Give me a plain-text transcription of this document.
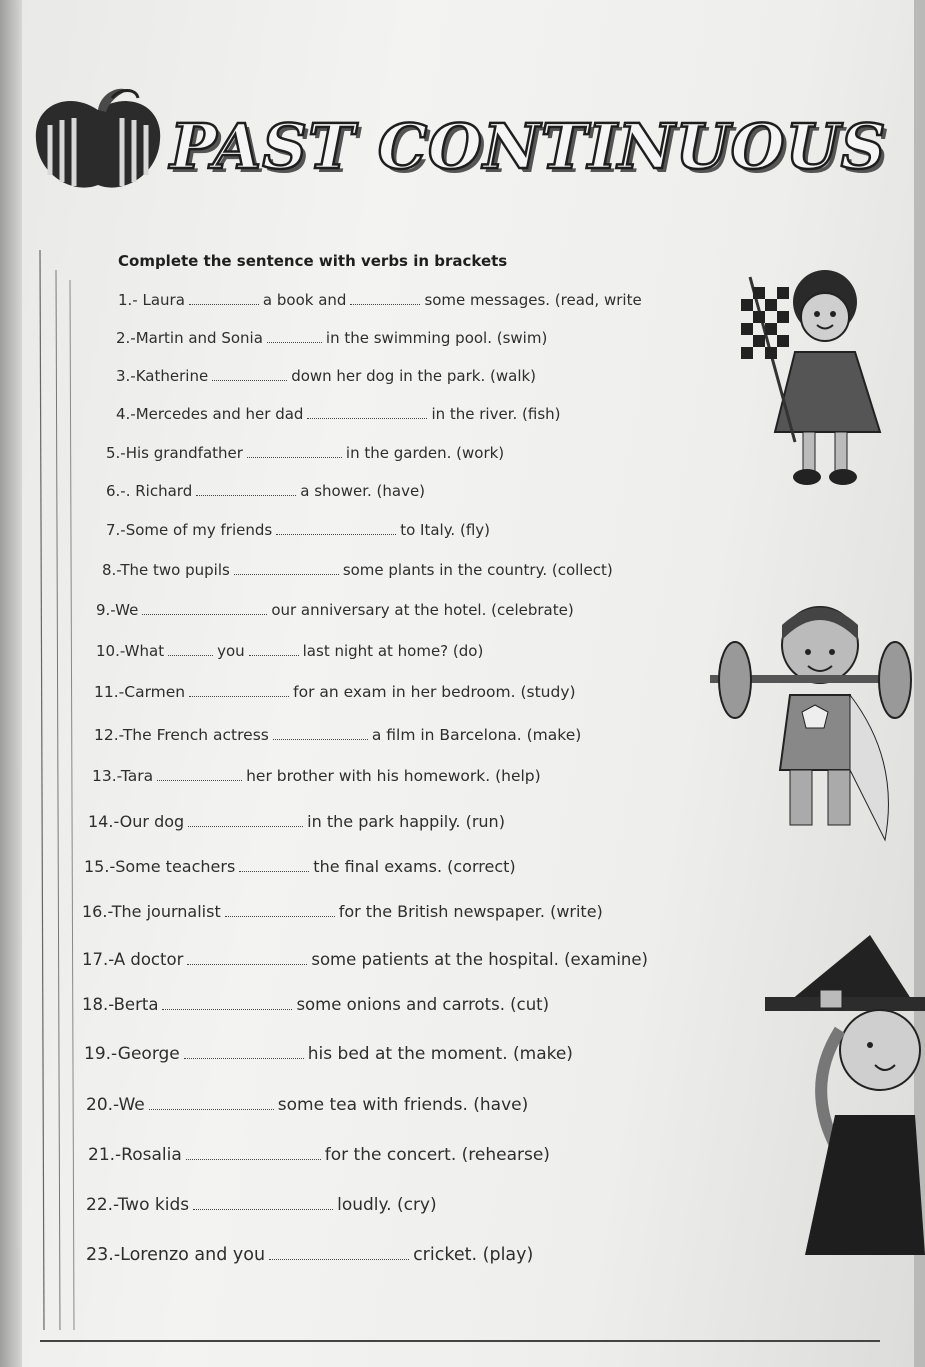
PAST CONTINUOUS
Complete the sentence with verbs in brackets
1.- Laura	a book and	some messages. (read, write
2.-Martin and Sonia	in the swimming pool. (swim)
3.-Katherine	down her dog in the park. (walk)
4.-Mercedes and her dad	in the river. (fish)
5.-His grandfather	in the garden. (work)
6.-. Richard	a shower. (have)
7.-Some of my friends	to Italy. (fly)
8.-The two pupils	some plants in the country. (collect)
9.-We	our anniversary at the hotel. (celebrate)
10.-What	you	last night at home? (do)
11.-Carmen	for an exam in her bedroom. (study)
12.-The French actress	a film in Barcelona. (make)
13.-Tara	her brother with his homework. (help)
14.-Our dog	in the park happily. (run)
15.-Some teachers	the final exams. (correct)
16.-The journalist	for the British newspaper. (write)
17.-A doctor	some patients at the hospital. (examine)
18.-Berta	some onions and carrots. (cut)
19.-George	his bed at the moment. (make)
20.-We	some tea with friends. (have)
21.-Rosalia	for the concert. (rehearse)
22.-Two kids	loudly. (cry)
23.-Lorenzo and you	cricket. (play)
